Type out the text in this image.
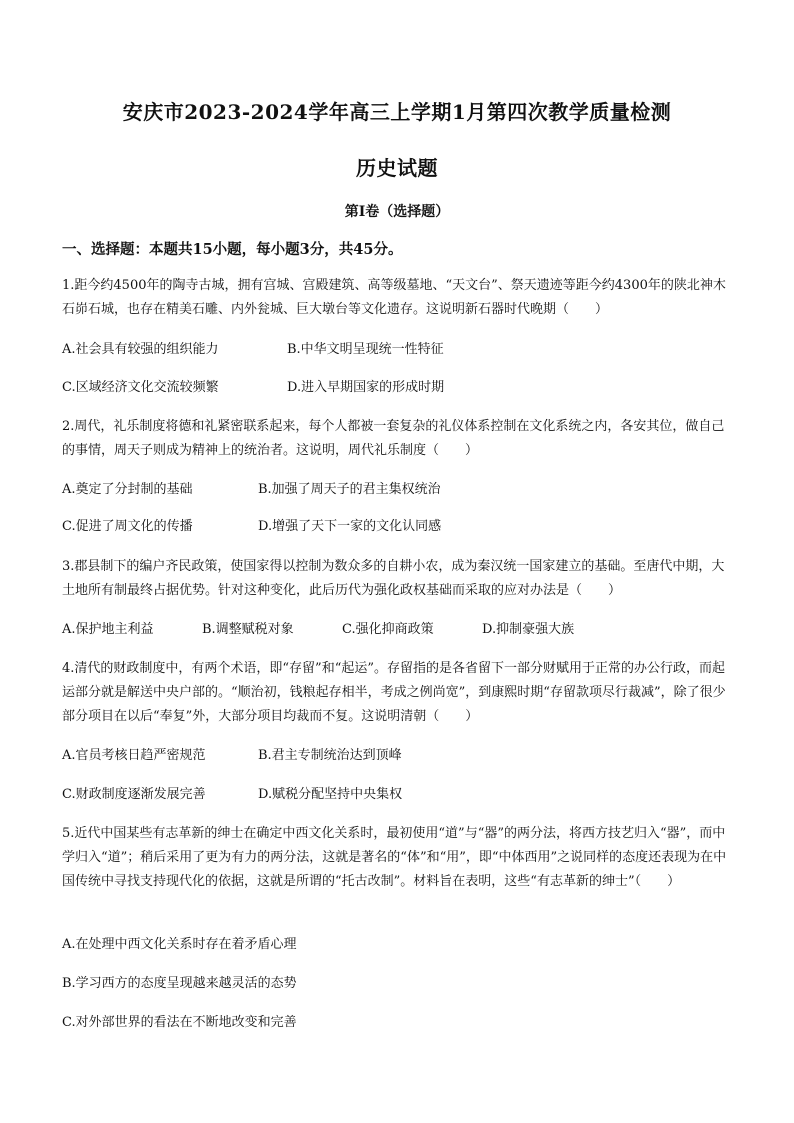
安庆市2023-2024学年高三上学期1月第四次教学质量检测
历史试题
第Ⅰ卷（选择题）
一、选择题：本题共15小题，每小题3分，共45分。
1.距今约4500年的陶寺古城，拥有宫城、宫殿建筑、高等级墓地、“天文台”、祭天遗迹等距今约4300年的陕北神木石峁石城，也存在精美石雕、内外瓮城、巨大墩台等文化遗存。这说明新石器时代晚期（　　）
A.社会具有较强的组织能力	B.中华文明呈现统一性特征
C.区域经济文化交流较频繁	D.进入早期国家的形成时期
2.周代，礼乐制度将德和礼紧密联系起来，每个人都被一套复杂的礼仪体系控制在文化系统之内，各安其位，做自己的事情，周天子则成为精神上的统治者。这说明，周代礼乐制度（　　）
A.奠定了分封制的基础	B.加强了周天子的君主集权统治
C.促进了周文化的传播	D.增强了天下一家的文化认同感
3.郡县制下的编户齐民政策，使国家得以控制为数众多的自耕小农，成为秦汉统一国家建立的基础。至唐代中期，大土地所有制最终占据优势。针对这种变化，此后历代为强化政权基础而采取的应对办法是（　　）
A.保护地主利益	B.调整赋税对象	C.强化抑商政策	D.抑制豪强大族
4.清代的财政制度中，有两个术语，即“存留”和“起运”。存留指的是各省留下一部分财赋用于正常的办公行政，而起运部分就是解送中央户部的。“顺治初，钱粮起存相半，考成之例尚宽”，到康熙时期“存留款项尽行裁减”，除了很少部分项目在以后“奉复”外，大部分项目均裁而不复。这说明清朝（　　）
A.官员考核日趋严密规范	B.君主专制统治达到顶峰
C.财政制度逐渐发展完善	D.赋税分配坚持中央集权
5.近代中国某些有志革新的绅士在确定中西文化关系时，最初使用“道”与“器”的两分法，将西方技艺归入“器”，而中学归入“道”；稍后采用了更为有力的两分法，这就是著名的“体”和“用”，即“中体西用”之说同样的态度还表现为在中国传统中寻找支持现代化的依据，这就是所谓的“托古改制”。材料旨在表明，这些“有志革新的绅士”（　　）
A.在处理中西文化关系时存在着矛盾心理
B.学习西方的态度呈现越来越灵活的态势
C.对外部世界的看法在不断地改变和完善
